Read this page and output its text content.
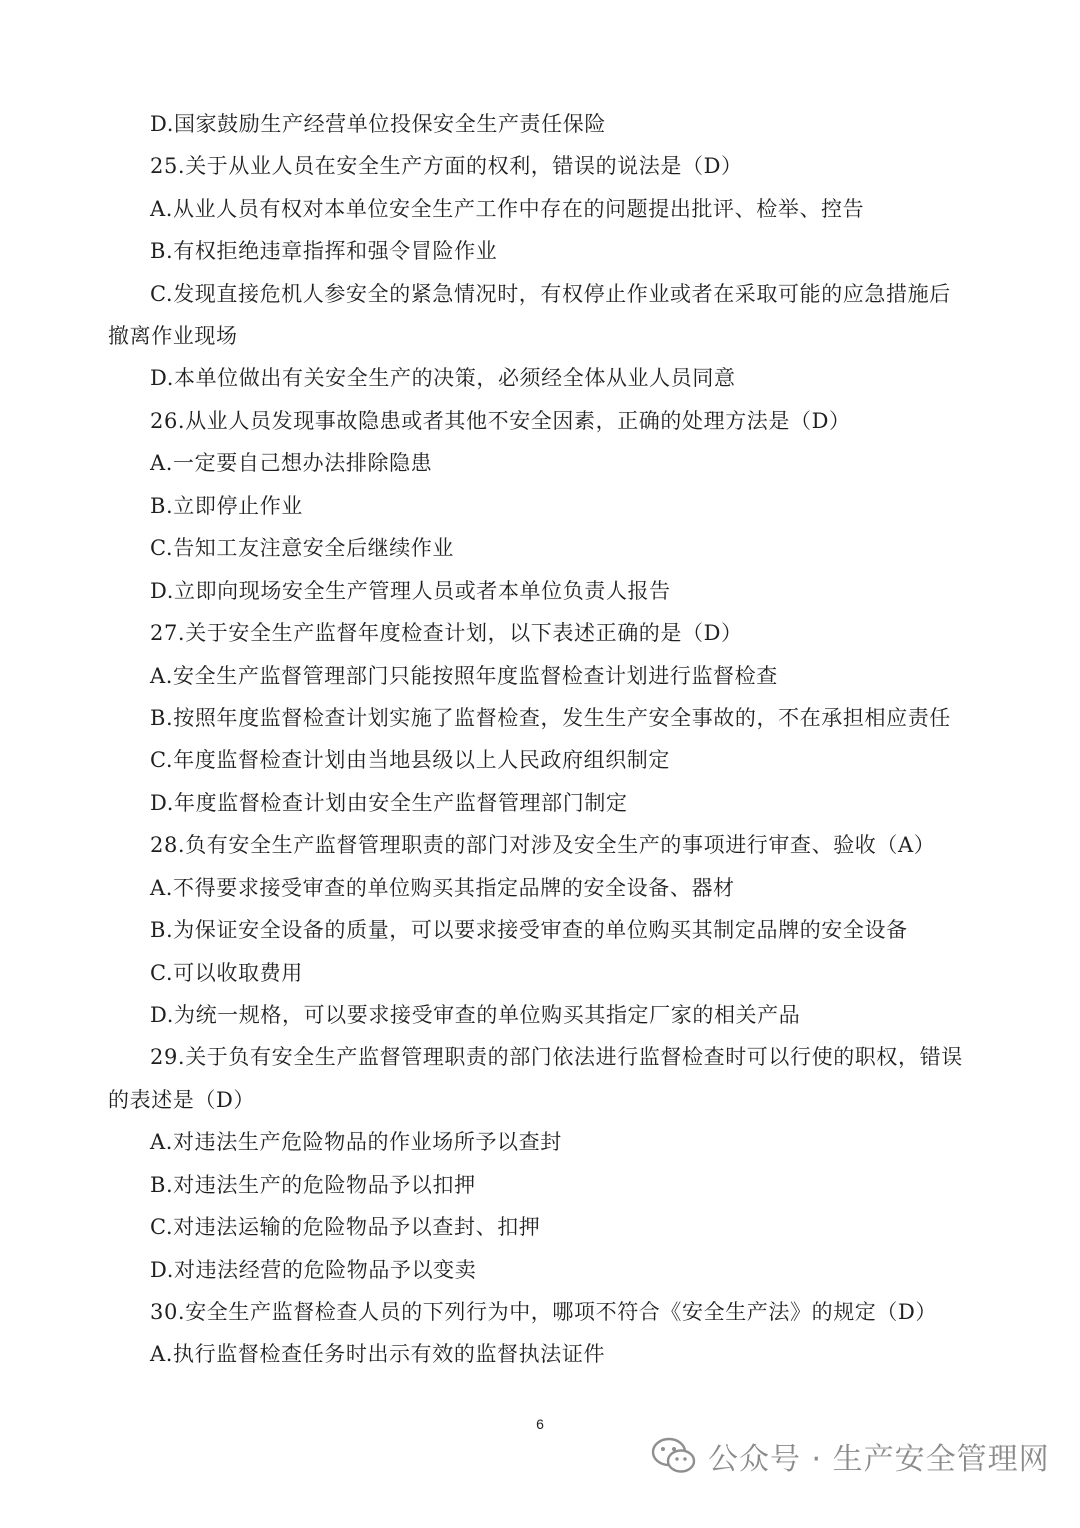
D.国家鼓励生产经营单位投保安全生产责任保险
25.关于从业人员在安全生产方面的权利，错误的说法是（D）
A.从业人员有权对本单位安全生产工作中存在的问题提出批评、检举、控告
B.有权拒绝违章指挥和强令冒险作业
C.发现直接危机人参安全的紧急情况时，有权停止作业或者在采取可能的应急措施后
撤离作业现场
D.本单位做出有关安全生产的决策，必须经全体从业人员同意
26.从业人员发现事故隐患或者其他不安全因素，正确的处理方法是（D）
A.一定要自己想办法排除隐患
B.立即停止作业
C.告知工友注意安全后继续作业
D.立即向现场安全生产管理人员或者本单位负责人报告
27.关于安全生产监督年度检查计划，以下表述正确的是（D）
A.安全生产监督管理部门只能按照年度监督检查计划进行监督检查
B.按照年度监督检查计划实施了监督检查，发生生产安全事故的，不在承担相应责任
C.年度监督检查计划由当地县级以上人民政府组织制定
D.年度监督检查计划由安全生产监督管理部门制定
28.负有安全生产监督管理职责的部门对涉及安全生产的事项进行审查、验收（A）
A.不得要求接受审查的单位购买其指定品牌的安全设备、器材
B.为保证安全设备的质量，可以要求接受审查的单位购买其制定品牌的安全设备
C.可以收取费用
D.为统一规格，可以要求接受审查的单位购买其指定厂家的相关产品
29.关于负有安全生产监督管理职责的部门依法进行监督检查时可以行使的职权，错误
的表述是（D）
A.对违法生产危险物品的作业场所予以查封
B.对违法生产的危险物品予以扣押
C.对违法运输的危险物品予以查封、扣押
D.对违法经营的危险物品予以变卖
30.安全生产监督检查人员的下列行为中，哪项不符合《安全生产法》的规定（D）
A.执行监督检查任务时出示有效的监督执法证件
6
公众号 · 生产安全管理网
